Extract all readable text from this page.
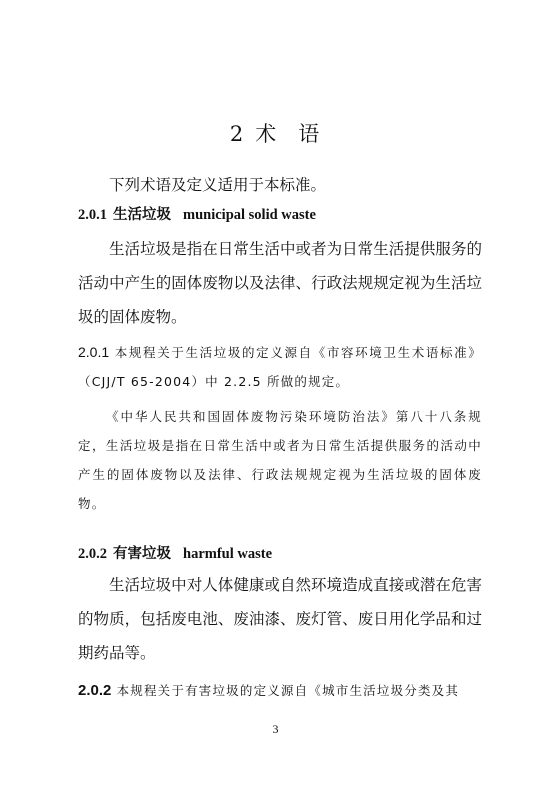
2 术 语

下列术语及定义适用于本标准。

2.0.1 生活垃圾 municipal solid waste

生活垃圾是指在日常生活中或者为日常生活提供服务的活动中产生的固体废物以及法律、行政法规规定视为生活垃圾的固体废物。

2.0.1 本规程关于生活垃圾的定义源自《市容环境卫生术语标准》（CJJ/T 65-2004）中 2.2.5 所做的规定。

《中华人民共和国固体废物污染环境防治法》第八十八条规定，生活垃圾是指在日常生活中或者为日常生活提供服务的活动中产生的固体废物以及法律、行政法规规定视为生活垃圾的固体废物。

2.0.2 有害垃圾 harmful waste

生活垃圾中对人体健康或自然环境造成直接或潜在危害的物质，包括废电池、废油漆、废灯管、废日用化学品和过期药品等。

2.0.2 本规程关于有害垃圾的定义源自《城市生活垃圾分类及其

3
